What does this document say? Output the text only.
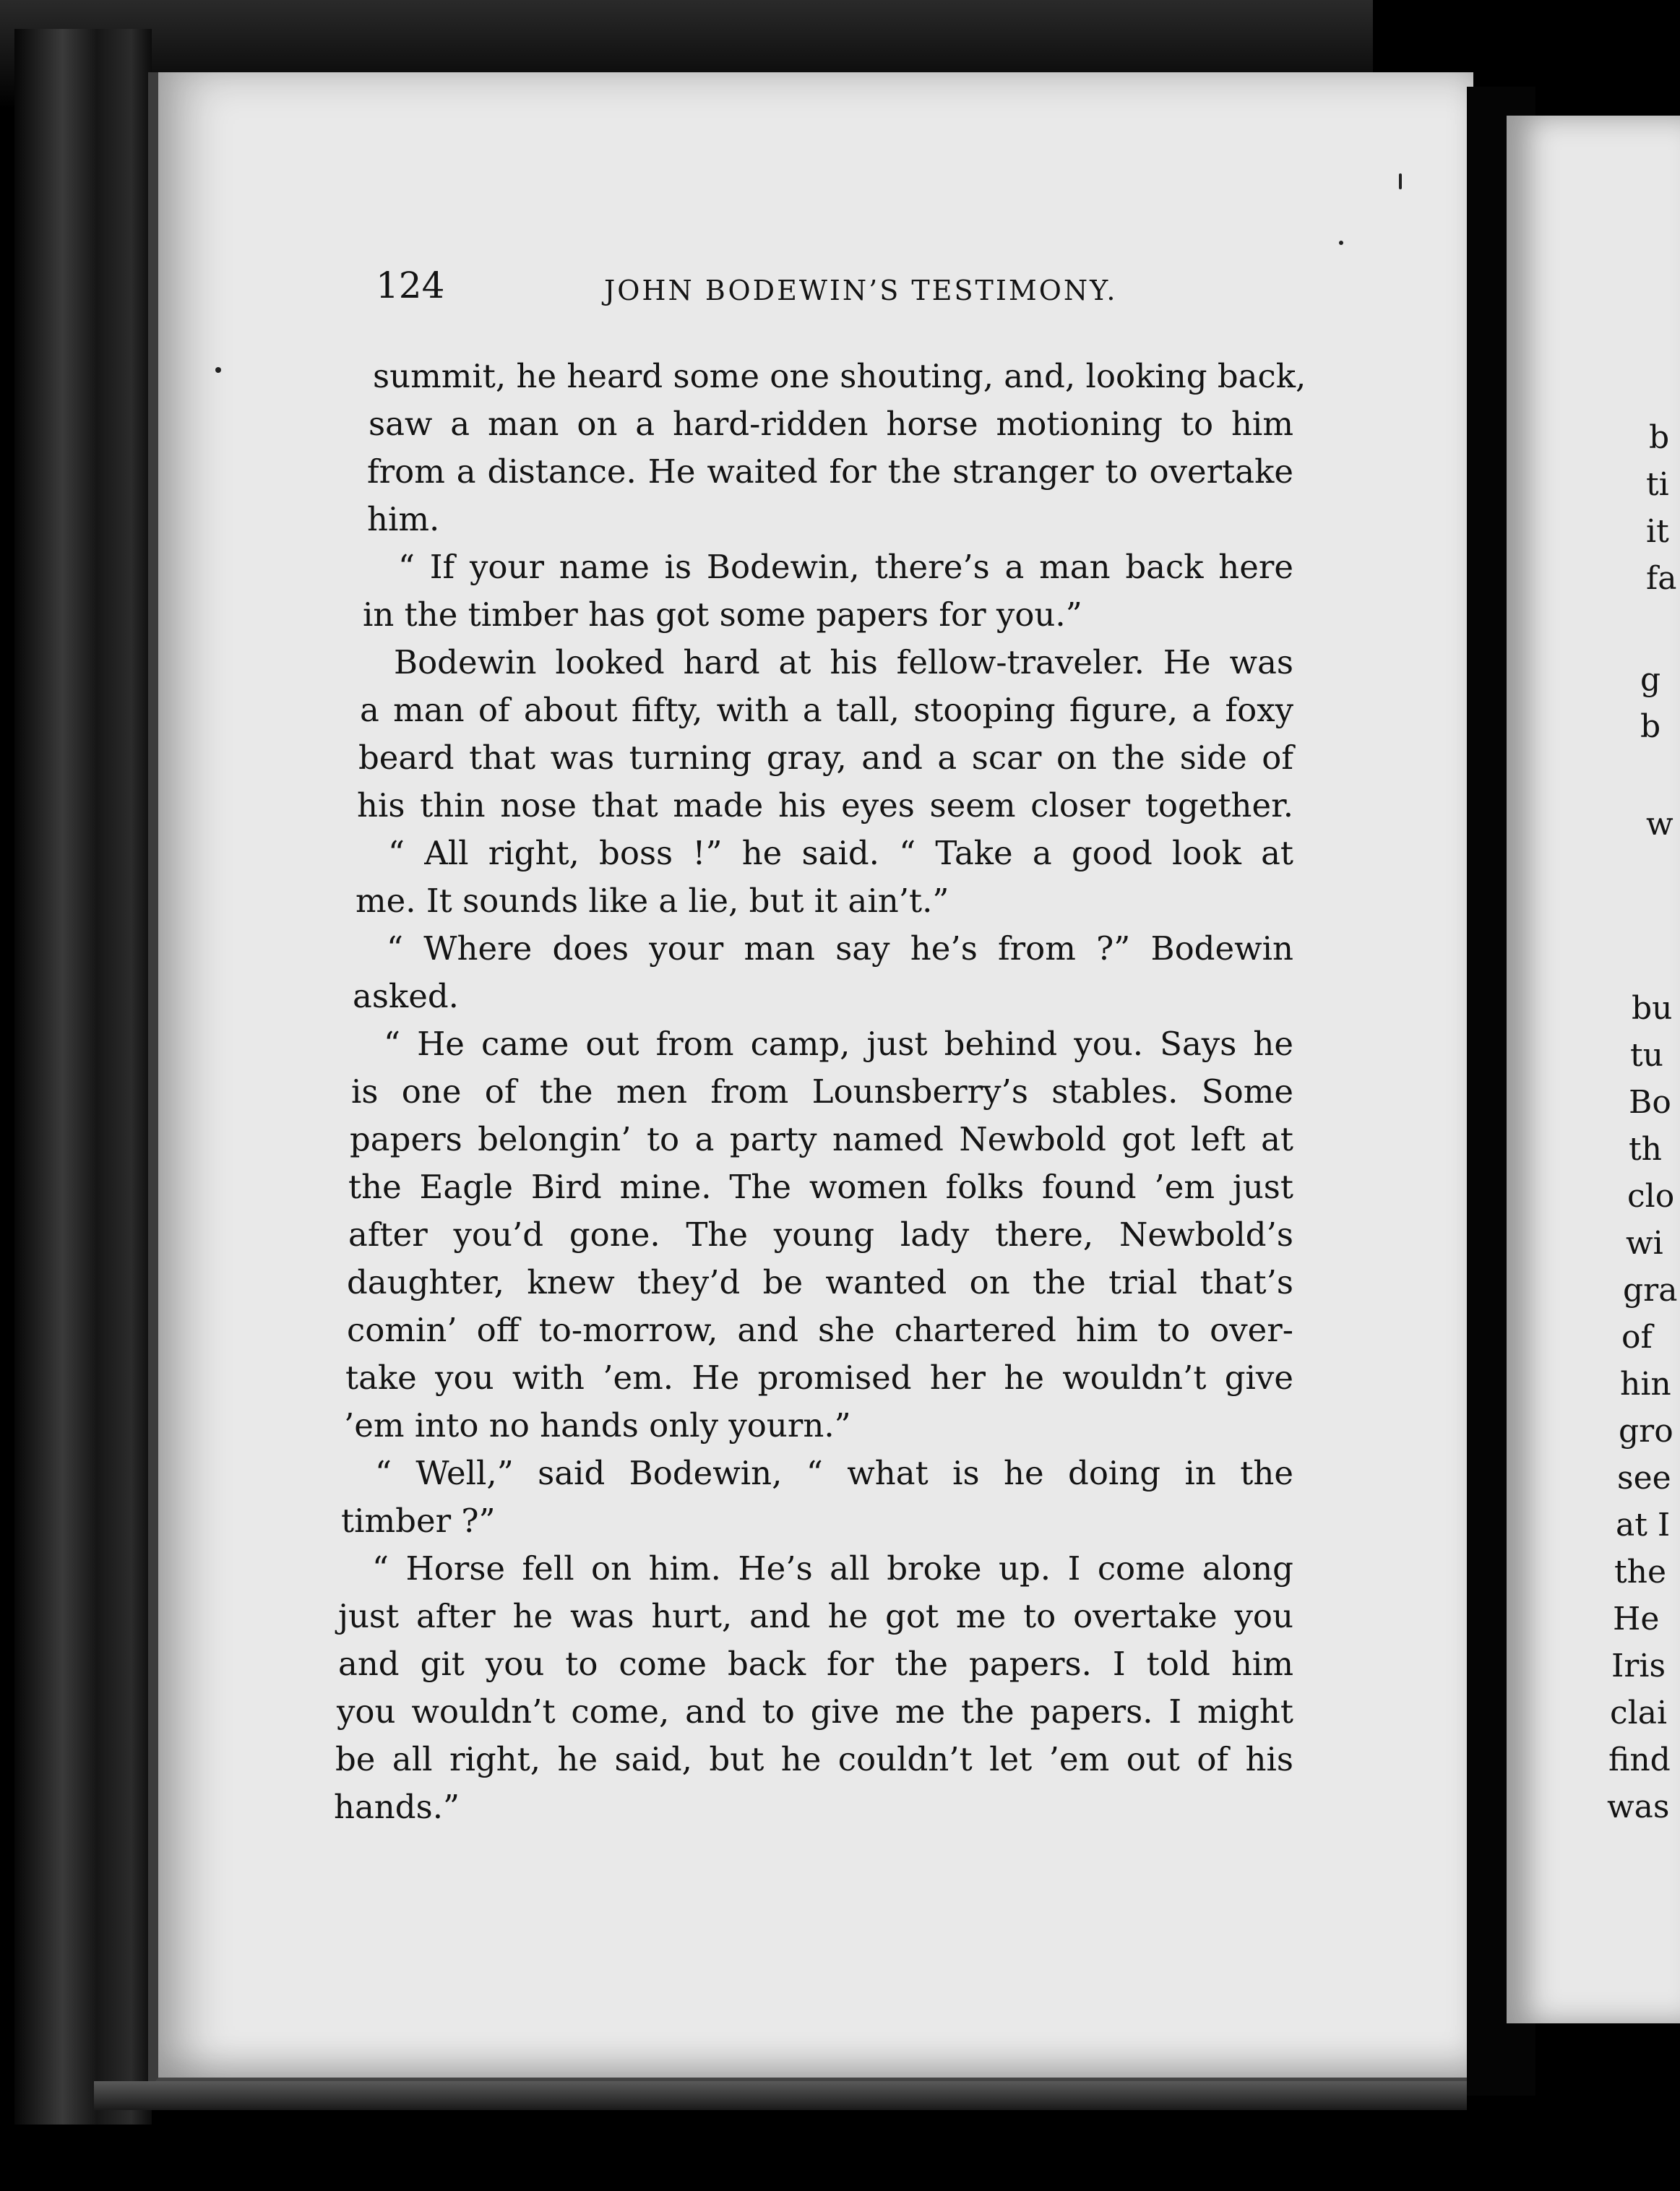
124	JOHN BODEWIN’S TESTIMONY.
summit, he heard some one shouting, and, looking back,
saw a man on a hard-ridden horse motioning to him
from a distance. He waited for the stranger to overtake
him.
“ If your name is Bodewin, there’s a man back here
in the timber has got some papers for you.”
Bodewin looked hard at his fellow-traveler. He was
a man of about fifty, with a tall, stooping figure, a foxy
beard that was turning gray, and a scar on the side of
his thin nose that made his eyes seem closer together.
“ All right, boss !” he said. “ Take a good look at
me. It sounds like a lie, but it ain’t.”
“ Where does your man say he’s from ?” Bodewin
asked.
“ He came out from camp, just behind you. Says he
is one of the men from Lounsberry’s stables. Some
papers belongin’ to a party named Newbold got left at
the Eagle Bird mine. The women folks found ’em just
after you’d gone. The young lady there, Newbold’s
daughter, knew they’d be wanted on the trial that’s
comin’ off to-morrow, and she chartered him to over-
take you with ’em. He promised her he wouldn’t give
’em into no hands only yourn.”
“ Well,” said Bodewin, “ what is he doing in the
timber ?”
“ Horse fell on him. He’s all broke up. I come along
just after he was hurt, and he got me to overtake you
and git you to come back for the papers. I told him
you wouldn’t come, and to give me the papers. I might
be all right, he said, but he couldn’t let ’em out of his
hands.”
b
ti
it
fa
g
b
w
bu
tu
Bo
th
clo
wi
gra
of
hin
gro
see
at I
the
He
Iris
clai
find
was
